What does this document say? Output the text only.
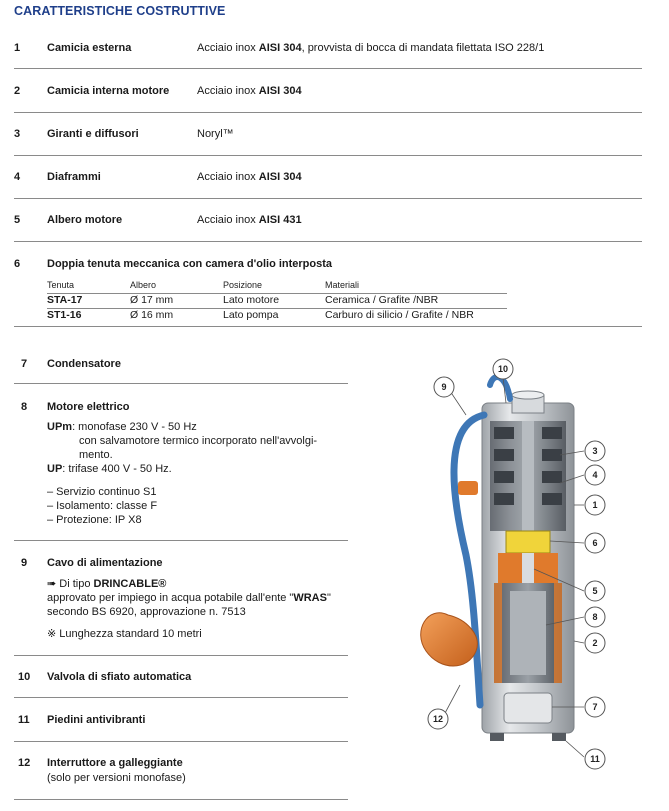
CARATTERISTICHE COSTRUTTIVE
1 Camicia esterna	Acciaio inox AISI 304, provvista di bocca di mandata filettata ISO 228/1
2 Camicia interna motore	Acciaio inox AISI 304
3 Giranti e diffusori	Noryl™
4 Diaframmi	Acciaio inox AISI 304
5 Albero motore	Acciaio inox AISI 431
6 Doppia tenuta meccanica con camera d'olio interposta
Tenuta	Albero	Posizione	Materiali
STA-17	Ø 17 mm	Lato motore	Ceramica / Grafite /NBR
ST1-16	Ø 16 mm	Lato pompa	Carburo di silicio / Grafite / NBR
7 Condensatore
8 Motore elettrico
UPm: monofase 230 V - 50 Hz
con salvamotore termico incorporato nell'avvolgi-
mento.
UP: trifase 400 V - 50 Hz.
– Servizio continuo S1
– Isolamento: classe F
– Protezione: IP X8
9 Cavo di alimentazione
➠ Di tipo DRINCABLE®
approvato per impiego in acqua potabile dall'ente "WRAS"
secondo BS 6920, approvazione n. 7513
※ Lunghezza standard 10 metri
10 Valvola di sfiato automatica
11 Piedini antivibranti
12 Interruttore a galleggiante
(solo per versioni monofase)
10
9
3
4
1
6
5
8
2
7
11
12
